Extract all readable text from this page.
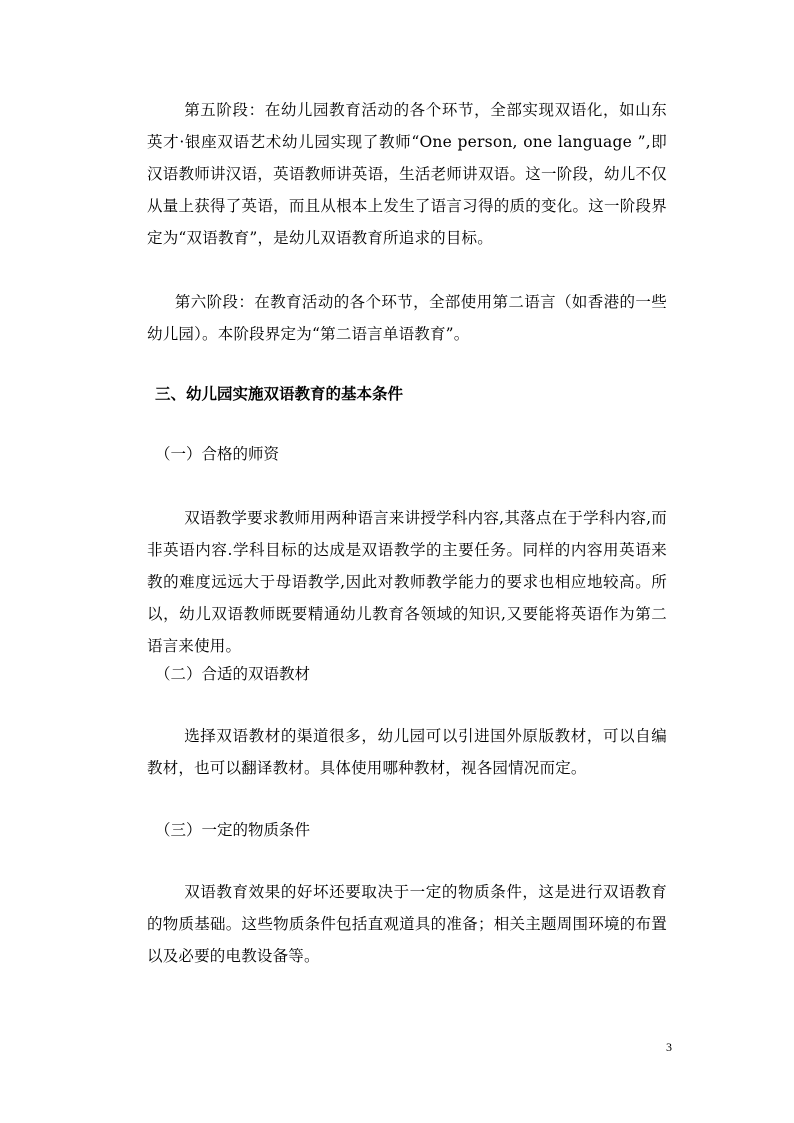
第五阶段：在幼儿园教育活动的各个环节，全部实现双语化，如山东英才·银座双语艺术幼儿园实现了教师“One person, one language ”,即汉语教师讲汉语，英语教师讲英语，生活老师讲双语。这一阶段，幼儿不仅从量上获得了英语，而且从根本上发生了语言习得的质的变化。这一阶段界定为“双语教育”，是幼儿双语教育所追求的目标。

第六阶段：在教育活动的各个环节，全部使用第二语言（如香港的一些幼儿园）。本阶段界定为“第二语言单语教育”。

三、幼儿园实施双语教育的基本条件

（一）合格的师资

双语教学要求教师用两种语言来讲授学科内容,其落点在于学科内容,而非英语内容.学科目标的达成是双语教学的主要任务。同样的内容用英语来教的难度远远大于母语教学,因此对教师教学能力的要求也相应地较高。所以，幼儿双语教师既要精通幼儿教育各领域的知识,又要能将英语作为第二语言来使用。

（二）合适的双语教材

选择双语教材的渠道很多，幼儿园可以引进国外原版教材，可以自编教材，也可以翻译教材。具体使用哪种教材，视各园情况而定。

（三）一定的物质条件

双语教育效果的好坏还要取决于一定的物质条件，这是进行双语教育的物质基础。这些物质条件包括直观道具的准备；相关主题周围环境的布置以及必要的电教设备等。

3
